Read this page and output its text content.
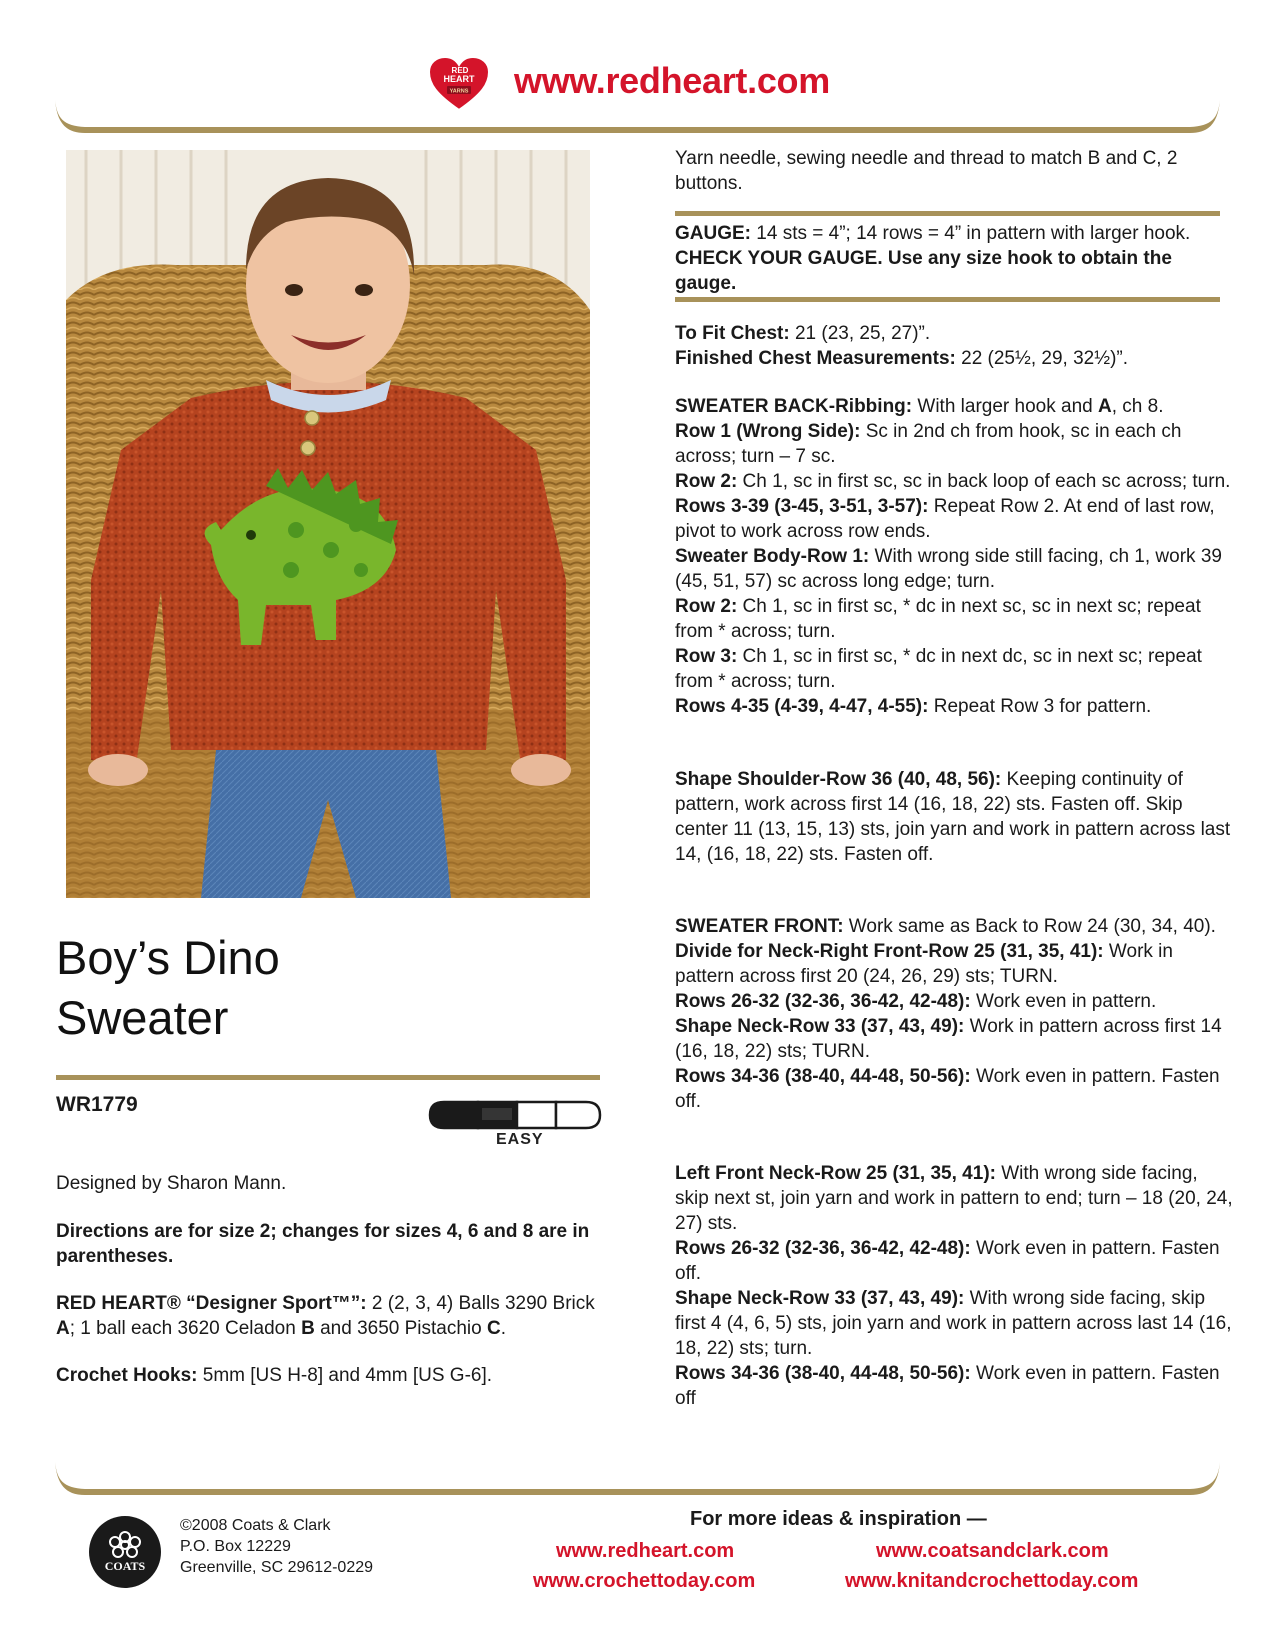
RED
HEART
YARNS www.redheart.com
Boy’s Dino
Sweater
WR1779
EASY

Designed by Sharon Mann.

Directions are for size 2; changes for sizes 4, 6 and 8 are in parentheses.

RED HEART® “Designer Sport™”: 2 (2, 3, 4) Balls 3290 Brick A; 1 ball each 3620 Celadon B and 3650 Pistachio C.

Crochet Hooks: 5mm [US H-8] and 4mm [US G-6].

Yarn needle, sewing needle and thread to match B and C, 2 buttons.

GAUGE: 14 sts = 4”; 14 rows = 4” in pattern with larger hook. CHECK YOUR GAUGE. Use any size hook to obtain the gauge.

To Fit Chest: 21 (23, 25, 27)”.
Finished Chest Measurements: 22 (25½, 29, 32½)”.

SWEATER BACK-Ribbing: With larger hook and A, ch 8.
Row 1 (Wrong Side): Sc in 2nd ch from hook, sc in each ch across; turn – 7 sc.
Row 2: Ch 1, sc in first sc, sc in back loop of each sc across; turn.
Rows 3-39 (3-45, 3-51, 3-57): Repeat Row 2. At end of last row, pivot to work across row ends.
Sweater Body-Row 1: With wrong side still facing, ch 1, work 39 (45, 51, 57) sc across long edge; turn.
Row 2: Ch 1, sc in first sc, * dc in next sc, sc in next sc; repeat from * across; turn.
Row 3: Ch 1, sc in first sc, * dc in next dc, sc in next sc; repeat from * across; turn.
Rows 4-35 (4-39, 4-47, 4-55): Repeat Row 3 for pattern.

Shape Shoulder-Row 36 (40, 48, 56): Keeping continuity of pattern, work across first 14 (16, 18, 22) sts. Fasten off. Skip center 11 (13, 15, 13) sts, join yarn and work in pattern across last 14, (16, 18, 22) sts. Fasten off.

SWEATER FRONT: Work same as Back to Row 24 (30, 34, 40).
Divide for Neck-Right Front-Row 25 (31, 35, 41): Work in pattern across first 20 (24, 26, 29) sts; TURN.
Rows 26-32 (32-36, 36-42, 42-48): Work even in pattern.
Shape Neck-Row 33 (37, 43, 49): Work in pattern across first 14 (16, 18, 22) sts; TURN.
Rows 34-36 (38-40, 44-48, 50-56): Work even in pattern. Fasten off.
Left Front Neck-Row 25 (31, 35, 41): With wrong side facing, skip next st, join yarn and work in pattern to end; turn – 18 (20, 24, 27) sts.
Rows 26-32 (32-36, 36-42, 42-48): Work even in pattern. Fasten off.
Shape Neck-Row 33 (37, 43, 49): With wrong side facing, skip first 4 (4, 6, 5) sts, join yarn and work in pattern across last 14 (16, 18, 22) sts; turn.
Rows 34-36 (38-40, 44-48, 50-56): Work even in pattern. Fasten off
COATS
©2008 Coats & Clark
P.O. Box 12229
Greenville, SC 29612-0229
For more ideas & inspiration —
www.redheart.com	www.coatsandclark.com
www.crochettoday.com	www.knitandcrochettoday.com
